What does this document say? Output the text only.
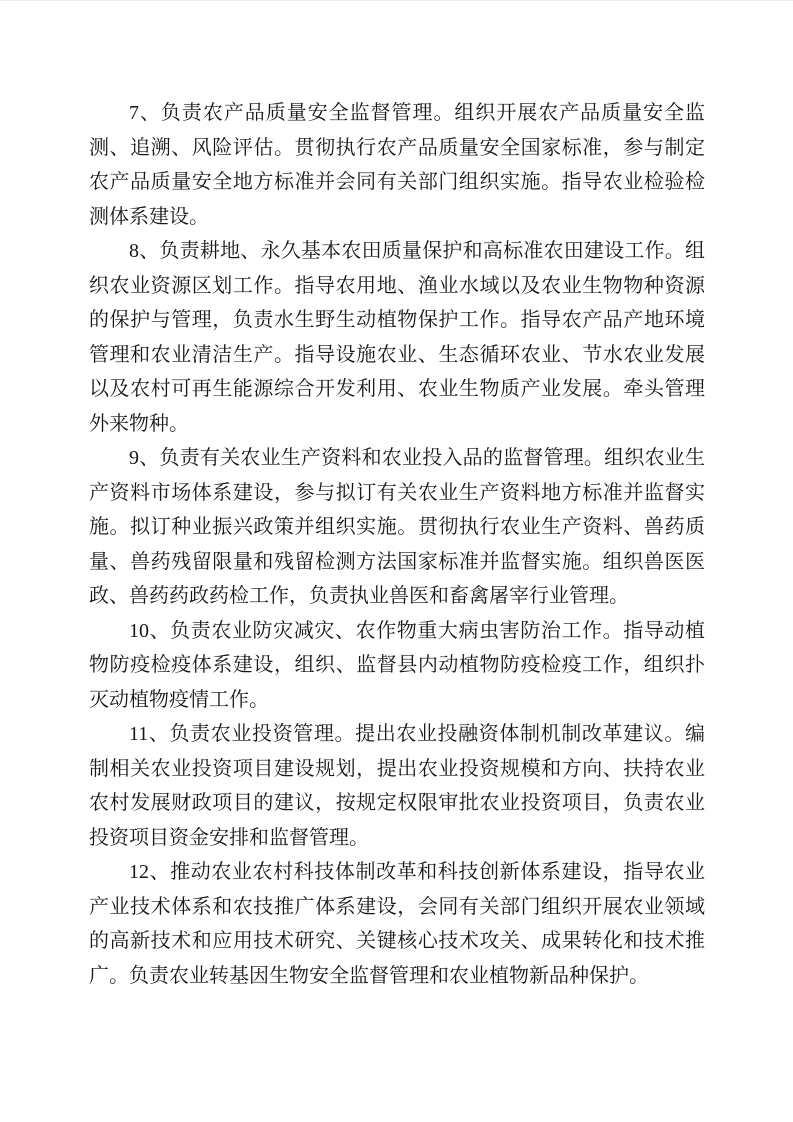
7、负责农产品质量安全监督管理。组织开展农产品质量安全监测、追溯、风险评估。贯彻执行农产品质量安全国家标准，参与制定农产品质量安全地方标准并会同有关部门组织实施。指导农业检验检测体系建设。

8、负责耕地、永久基本农田质量保护和高标准农田建设工作。组织农业资源区划工作。指导农用地、渔业水域以及农业生物物种资源的保护与管理，负责水生野生动植物保护工作。指导农产品产地环境管理和农业清洁生产。指导设施农业、生态循环农业、节水农业发展以及农村可再生能源综合开发利用、农业生物质产业发展。牵头管理外来物种。

9、负责有关农业生产资料和农业投入品的监督管理。组织农业生产资料市场体系建设，参与拟订有关农业生产资料地方标准并监督实施。拟订种业振兴政策并组织实施。贯彻执行农业生产资料、兽药质量、兽药残留限量和残留检测方法国家标准并监督实施。组织兽医医政、兽药药政药检工作，负责执业兽医和畜禽屠宰行业管理。

10、负责农业防灾减灾、农作物重大病虫害防治工作。指导动植物防疫检疫体系建设，组织、监督县内动植物防疫检疫工作，组织扑灭动植物疫情工作。

11、负责农业投资管理。提出农业投融资体制机制改革建议。编制相关农业投资项目建设规划，提出农业投资规模和方向、扶持农业农村发展财政项目的建议，按规定权限审批农业投资项目，负责农业投资项目资金安排和监督管理。

12、推动农业农村科技体制改革和科技创新体系建设，指导农业产业技术体系和农技推广体系建设，会同有关部门组织开展农业领域的高新技术和应用技术研究、关键核心技术攻关、成果转化和技术推广。负责农业转基因生物安全监督管理和农业植物新品种保护。
